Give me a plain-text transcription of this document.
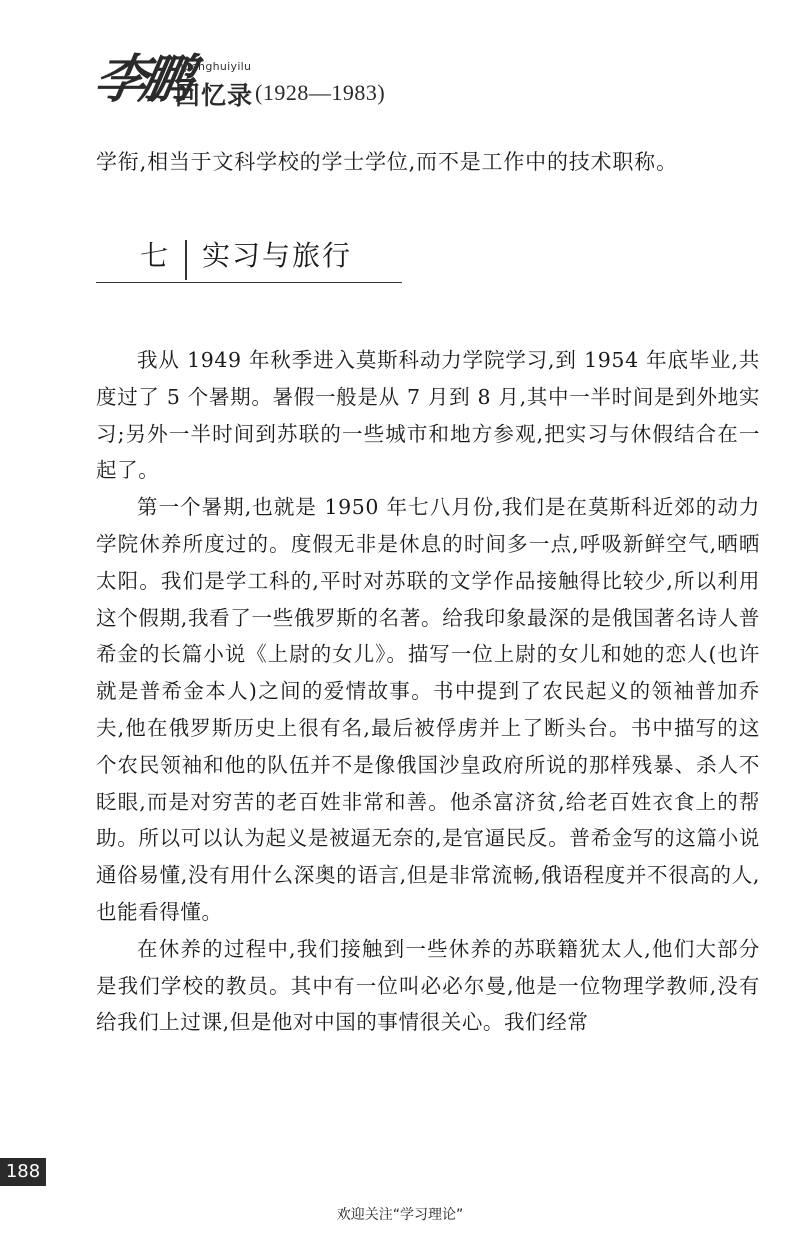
李鹏
lipenghuiyilu
回忆录 (1928—1983)
学衔,相当于文科学校的学士学位,而不是工作中的技术职称。
七 实习与旅行

我从 1949 年秋季进入莫斯科动力学院学习,到 1954 年底毕业,共度过了 5 个暑期。暑假一般是从 7 月到 8 月,其中一半时间是到外地实习;另外一半时间到苏联的一些城市和地方参观,把实习与休假结合在一起了。

第一个暑期,也就是 1950 年七八月份,我们是在莫斯科近郊的动力学院休养所度过的。度假无非是休息的时间多一点,呼吸新鲜空气,晒晒太阳。我们是学工科的,平时对苏联的文学作品接触得比较少,所以利用这个假期,我看了一些俄罗斯的名著。给我印象最深的是俄国著名诗人普希金的长篇小说《上尉的女儿》。描写一位上尉的女儿和她的恋人(也许就是普希金本人)之间的爱情故事。书中提到了农民起义的领袖普加乔夫,他在俄罗斯历史上很有名,最后被俘虏并上了断头台。书中描写的这个农民领袖和他的队伍并不是像俄国沙皇政府所说的那样残暴、杀人不眨眼,而是对穷苦的老百姓非常和善。他杀富济贫,给老百姓衣食上的帮助。所以可以认为起义是被逼无奈的,是官逼民反。普希金写的这篇小说通俗易懂,没有用什么深奥的语言,但是非常流畅,俄语程度并不很高的人,也能看得懂。

在休养的过程中,我们接触到一些休养的苏联籍犹太人,他们大部分是我们学校的教员。其中有一位叫必必尔曼,他是一位物理学教师,没有给我们上过课,但是他对中国的事情很关心。我们经常

188
欢迎关注“学习理论”
